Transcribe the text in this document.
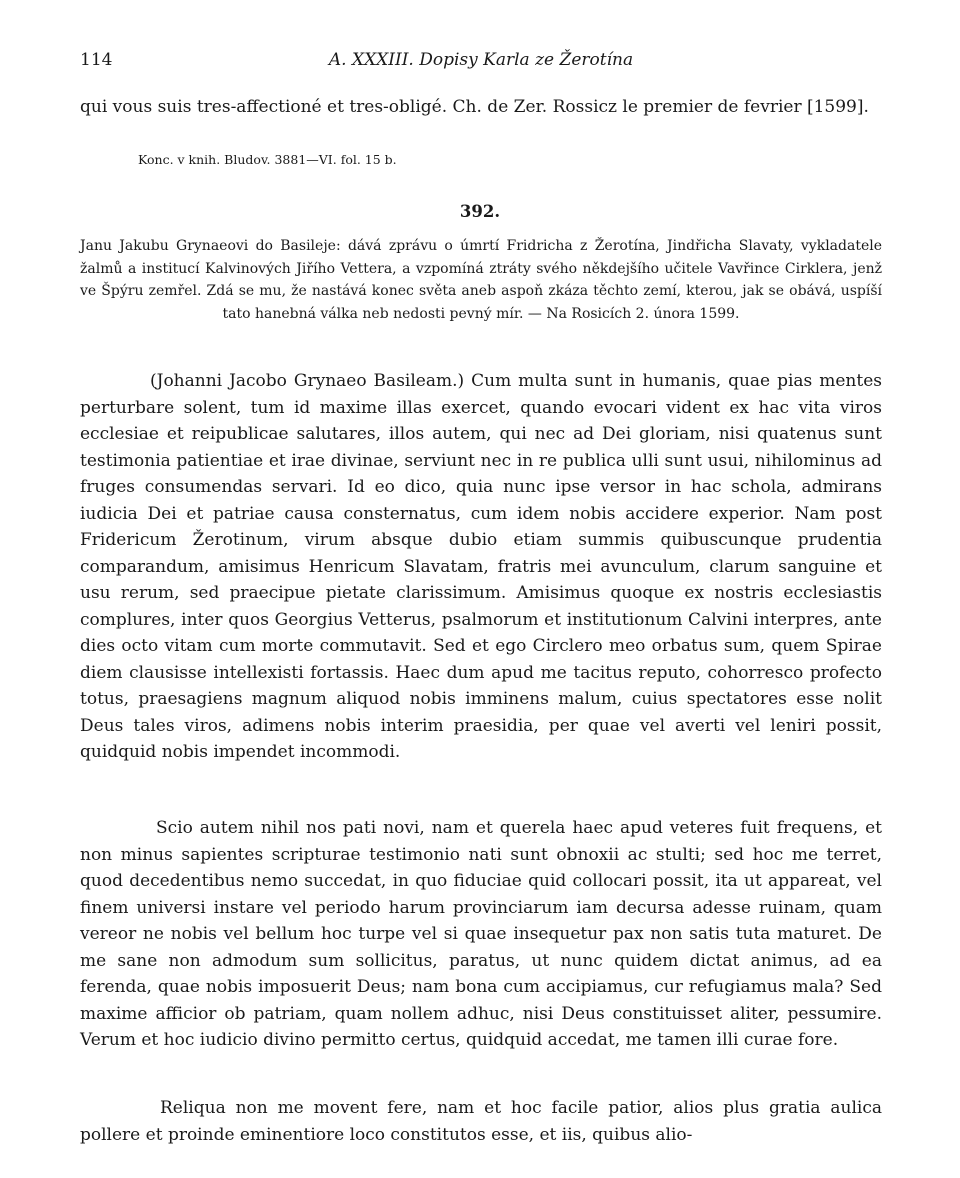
114	A. XXXIII. Dopisy Karla ze Žerotína
qui vous suis tres-affectioné et tres-obligé. Ch. de Zer. Rossicz le premier de fevrier [1599].
Konc. v knih. Bludov. 3881—VI. fol. 15 b.
392.

Janu Jakubu Grynaeovi do Basileje: dává zprávu o úmrtí Fridricha z Žerotína, Jindřicha Slavaty, vykladatele žalmů a institucí Kalvinových Jiřího Vettera, a vzpomíná ztráty svého někdejšího učitele Vavřince Cirklera, jenž ve Špýru zemřel. Zdá se mu, že nastává konec světa aneb aspoň zkáza těchto zemí, kterou, jak se obává, uspíší tato hanebná válka neb nedosti pevný mír. — Na Rosicích 2. února 1599.

(Johanni Jacobo Grynaeo Basileam.) Cum multa sunt in humanis, quae pias mentes perturbare solent, tum id maxime illas exercet, quando evocari vident ex hac vita viros ecclesiae et reipublicae salutares, illos autem, qui nec ad Dei gloriam, nisi quatenus sunt testimonia patientiae et irae divinae, serviunt nec in re publica ulli sunt usui, nihilominus ad fruges consumendas servari. Id eo dico, quia nunc ipse versor in hac schola, admirans iudicia Dei et patriae causa consternatus, cum idem nobis accidere experior. Nam post Fridericum Žerotinum, virum absque dubio etiam summis quibuscunque prudentia comparandum, amisimus Henricum Slavatam, fratris mei avunculum, clarum sanguine et usu rerum, sed praecipue pietate clarissimum. Amisimus quoque ex nostris ecclesiastis complures, inter quos Georgius Vetterus, psalmorum et institutionum Calvini interpres, ante dies octo vitam cum morte commutavit. Sed et ego Circlero meo orbatus sum, quem Spirae diem clausisse intellexisti fortassis. Haec dum apud me tacitus reputo, cohorresco profecto totus, praesagiens magnum aliquod nobis imminens malum, cuius spectatores esse nolit Deus tales viros, adimens nobis interim praesidia, per quae vel averti vel leniri possit, quidquid nobis impendet incommodi.

Scio autem nihil nos pati novi, nam et querela haec apud veteres fuit frequens, et non minus sapientes scripturae testimonio nati sunt obnoxii ac stulti; sed hoc me terret, quod decedentibus nemo succedat, in quo fiduciae quid collocari possit, ita ut appareat, vel finem universi instare vel periodo harum provinciarum iam decursa adesse ruinam, quam vereor ne nobis vel bellum hoc turpe vel si quae insequetur pax non satis tuta maturet. De me sane non admodum sum sollicitus, paratus, ut nunc quidem dictat animus, ad ea ferenda, quae nobis imposuerit Deus; nam bona cum accipiamus, cur refugiamus mala? Sed maxime afficior ob patriam, quam nollem adhuc, nisi Deus constituisset aliter, pessumire. Verum et hoc iudicio divino permitto certus, quidquid accedat, me tamen illi curae fore.

Reliqua non me movent fere, nam et hoc facile patior, alios plus gratia aulica pollere et proinde eminentiore loco constitutos esse, et iis, quibus alio-
